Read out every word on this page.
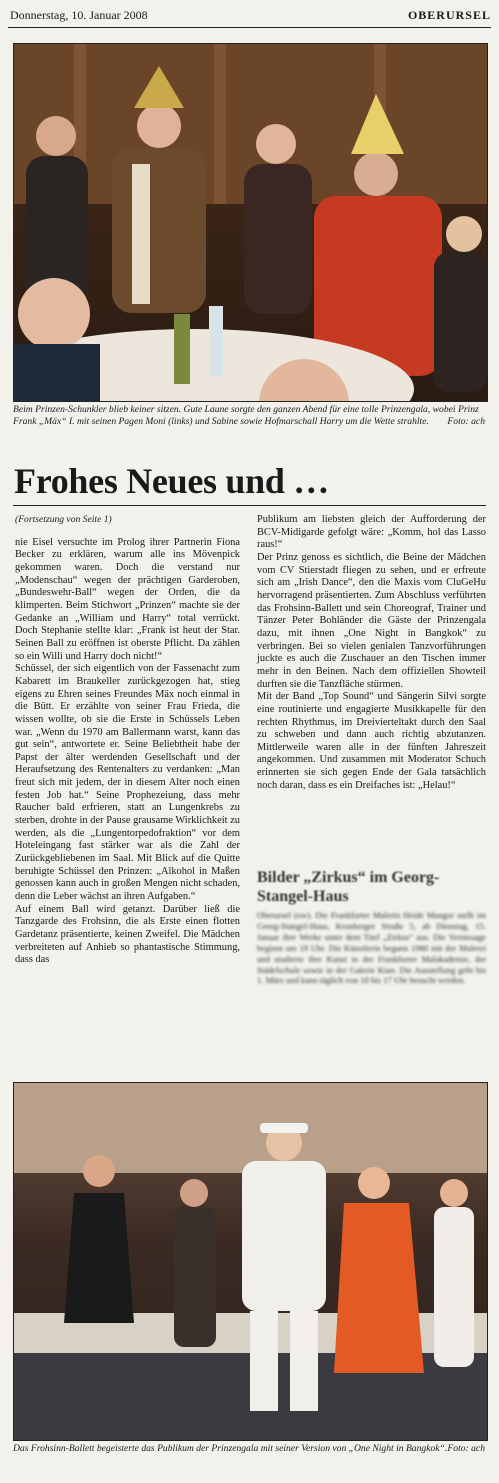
Donnerstag, 10. Januar 2008	OBERURSEL
Beim Prinzen-Schunkler blieb keiner sitzen. Gute Laune sorgte den ganzen Abend für eine tolle Prinzengala, wobei Prinz Frank „Mäx“ I. mit seinen Pagen Moni (links) und Sabine sowie Hofmarschall Harry um die Wette strahlte. Foto: ach
Frohes Neues und …
(Fortsetzung von Seite 1)

nie Eisel versuchte im Prolog ihrer Partnerin Fiona Becker zu erklären, warum alle ins Mövenpick gekommen waren. Doch die verstand nur „Modenschau“ wegen der prächtigen Garderoben, „Bundeswehr-Ball“ wegen der Orden, die da klimperten. Beim Stichwort „Prinzen“ machte sie der Gedanke an „William und Harry“ total verrückt. Doch Stephanie stellte klar: „Frank ist heut der Star. Seinen Ball zu eröffnen ist oberste Pflicht. Da zählen so ein Willi und Harry doch nicht!“

Schüssel, der sich eigentlich von der Fassenacht zum Kabarett im Braukeller zurückgezogen hat, stieg eigens zu Ehren seines Freundes Mäx noch einmal in die Bütt. Er erzählte von seiner Frau Frieda, die wissen wollte, ob sie die Erste in Schüssels Leben war. „Wenn du 1970 am Ballermann warst, kann das gut sein“, antwortete er. Seine Beliebtheit habe der Papst der älter werdenden Gesellschaft und der Heraufsetzung des Rentenalters zu verdanken: „Man freut sich mit jedem, der in diesem Alter noch einen festen Job hat.“ Seine Prophezeiung, dass mehr Raucher bald erfrieren, statt an Lungenkrebs zu sterben, drohte in der Pause grausame Wirklichkeit zu werden, als die „Lungentorpedofraktion“ vor dem Hoteleingang fast stärker war als die Zahl der Zurückgebliebenen im Saal. Mit Blick auf die Quitte beruhigte Schüssel den Prinzen: „Alkohol in Maßen genossen kann auch in großen Mengen nicht schaden, denn die Leber wächst an ihren Aufgaben.“

Auf einem Ball wird getanzt. Darüber ließ die Tanzgarde des Frohsinn, die als Erste einen flotten Gardetanz präsentierte, keinen Zweifel. Die Mädchen verbreiteten auf Anhieb so phantastische Stimmung, dass das

Publikum am liebsten gleich der Aufforderung der BCV-Midigarde gefolgt wäre: „Komm, hol das Lasso raus!“

Der Prinz genoss es sichtlich, die Beine der Mädchen vom CV Stierstadt fliegen zu sehen, und er erfreute sich am „Irish Dance“, den die Maxis vom CluGeHu hervorragend präsentierten. Zum Abschluss verführten das Frohsinn-Ballett und sein Choreograf, Trainer und Tänzer Peter Bohländer die Gäste der Prinzengala dazu, mit ihnen „One Night in Bangkok“ zu verbringen. Bei so vielen genialen Tanzvorführungen juckte es auch die Zuschauer an den Tischen immer mehr in den Beinen. Nach dem offiziellen Showteil durften sie die Tanzfläche stürmen.

Mit der Band „Top Sound“ und Sängerin Silvi sorgte eine routinierte und engagierte Musikkapelle für den rechten Rhythmus, im Dreivierteltakt durch den Saal zu schweben und dann auch richtig abzutanzen. Mittlerweile waren alle in der fünften Jahreszeit angekommen. Und zusammen mit Moderator Schuch erinnerten sie sich gegen Ende der Gala tatsächlich noch daran, dass es ein Dreifaches ist: „Helau!“

Bilder „Zirkus“ im Georg-Stangel-Haus
Oberursel (ow). Die Frankfurter Malerin Heide Mangor stellt im Georg-Stangel-Haus, Kronberger Straße 5, ab Dienstag, 15. Januar ihre Werke unter dem Titel „Zirkus“ aus. Die Vernissage beginnt um 19 Uhr. Die Künstlerin begann 1980 mit der Malerei und studierte ihre Kunst in der Frankfurter Malakademie, der Städelschule sowie in der Galerie Kian. Die Ausstellung geht bis 1. März und kann täglich von 10 bis 17 Uhr besucht werden.
Das Frohsinn-Ballett begeisterte das Publikum der Prinzengala mit seiner Version von „One Night in Bangkok“. Foto: ach
